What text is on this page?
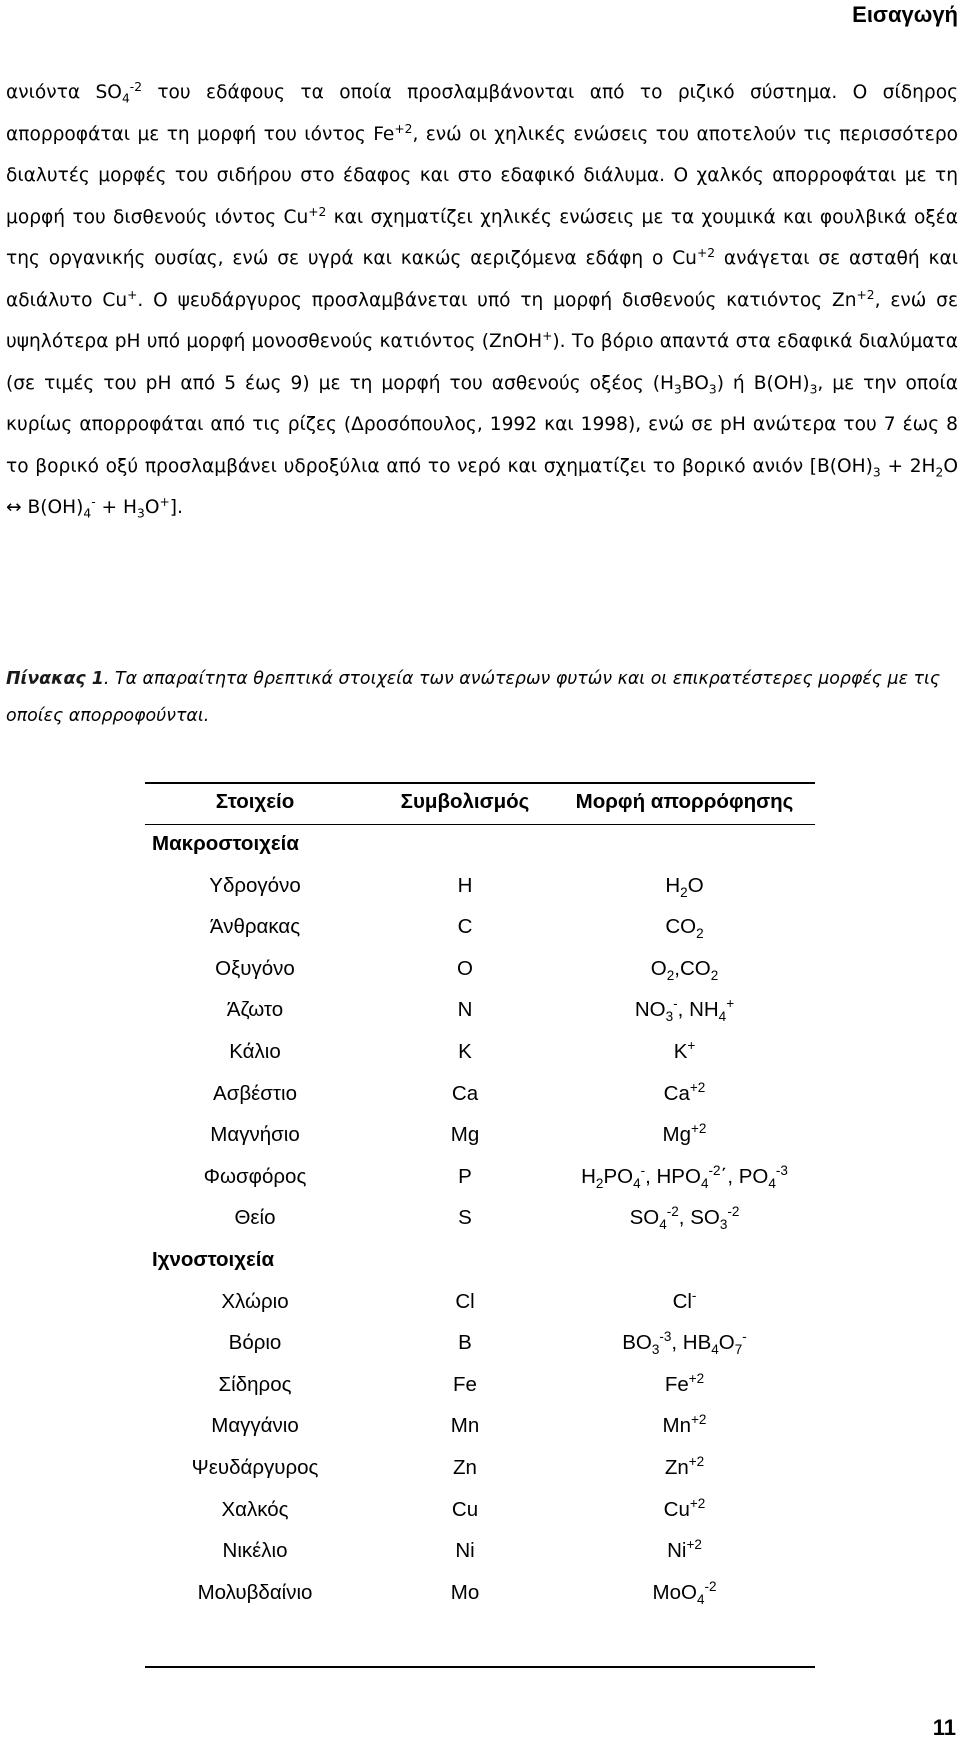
Εισαγωγή

ανιόντα $SO_4^{-2}$ του εδάφους τα οποία προσλαμβάνονται από το ριζικό σύστημα. Ο σίδηρος απορροφάται με τη μορφή του ιόντος $Fe^{+2}$, ενώ οι χηλικές ενώσεις του αποτελούν τις περισσότερο διαλυτές μορφές του σιδήρου στο έδαφος και στο εδαφικό διάλυμα. Ο χαλκός απορροφάται με τη μορφή του δισθενούς ιόντος $Cu^{+2}$ και σχηματίζει χηλικές ενώσεις με τα χουμικά και φουλβικά οξέα της οργανικής ουσίας, ενώ σε υγρά και κακώς αεριζόμενα εδάφη ο $Cu^{+2}$ ανάγεται σε ασταθή και αδιάλυτο Cu+. Ο ψευδάργυρος προσλαμβάνεται υπό τη μορφή δισθενούς κατιόντος $Zn^{+2}$, ενώ σε υψηλότερα pH υπό μορφή μονοσθενούς κατιόντος (ZnOH+). Το βόριο απαντά στα εδαφικά διαλύματα (σε τιμές του pH από 5 έως 9) με τη μορφή του ασθενούς οξέος $(H_3BO_3)$ ή $B(OH)_3$, με την οποία κυρίως απορροφάται από τις ρίζες (Δροσόπουλος, 1992 και 1998), ενώ σε pH ανώτερα του 7 έως 8 το βορικό οξύ προσλαμβάνει υδροξύλια από το νερό και σχηματίζει το βορικό ανιόν [$B(OH)_3 + 2H_2O$ ↔ $B(OH)_4^- + H_3O^+$].

Πίνακας 1. Τα απαραίτητα θρεπτικά στοιχεία των ανώτερων φυτών και οι επικρατέστερες μορφές με τις οποίες απορροφούνται.

Στοιχείο	Συμβολισμός	Μορφή απορρόφησης
Μακροστοιχεία
Υδρογόνο	H	$H_2O$
Άνθρακας	C	$CO_2$
Οξυγόνο	O	$O_2,CO_2$
Άζωτο	N	$NO_3^-$, $NH_4^+$
Κάλιο	K	K+
Ασβέστιο	Ca	$Ca^{+2}$
Μαγνήσιο	Mg	$Mg^{+2}$
Φωσφόρος	P	$H_2PO_4^-$, $HPO_4^{-2}΄$, $PO_4^{-3}$
Θείο	S	$SO_4^{-2}$, $SO_3^{-2}$
Ιχνοστοιχεία
Χλώριο	Cl	Cl-
Βόριο	B	$BO_3^{-3}$, $HB_4O_7^-$
Σίδηρος	Fe	$Fe^{+2}$
Μαγγάνιο	Mn	$Mn^{+2}$
Ψευδάργυρος	Zn	$Zn^{+2}$
Χαλκός	Cu	$Cu^{+2}$
Νικέλιο	Ni	$Ni^{+2}$
Μολυβδαίνιο	Mo	MoO$_4^{-2}$
11
